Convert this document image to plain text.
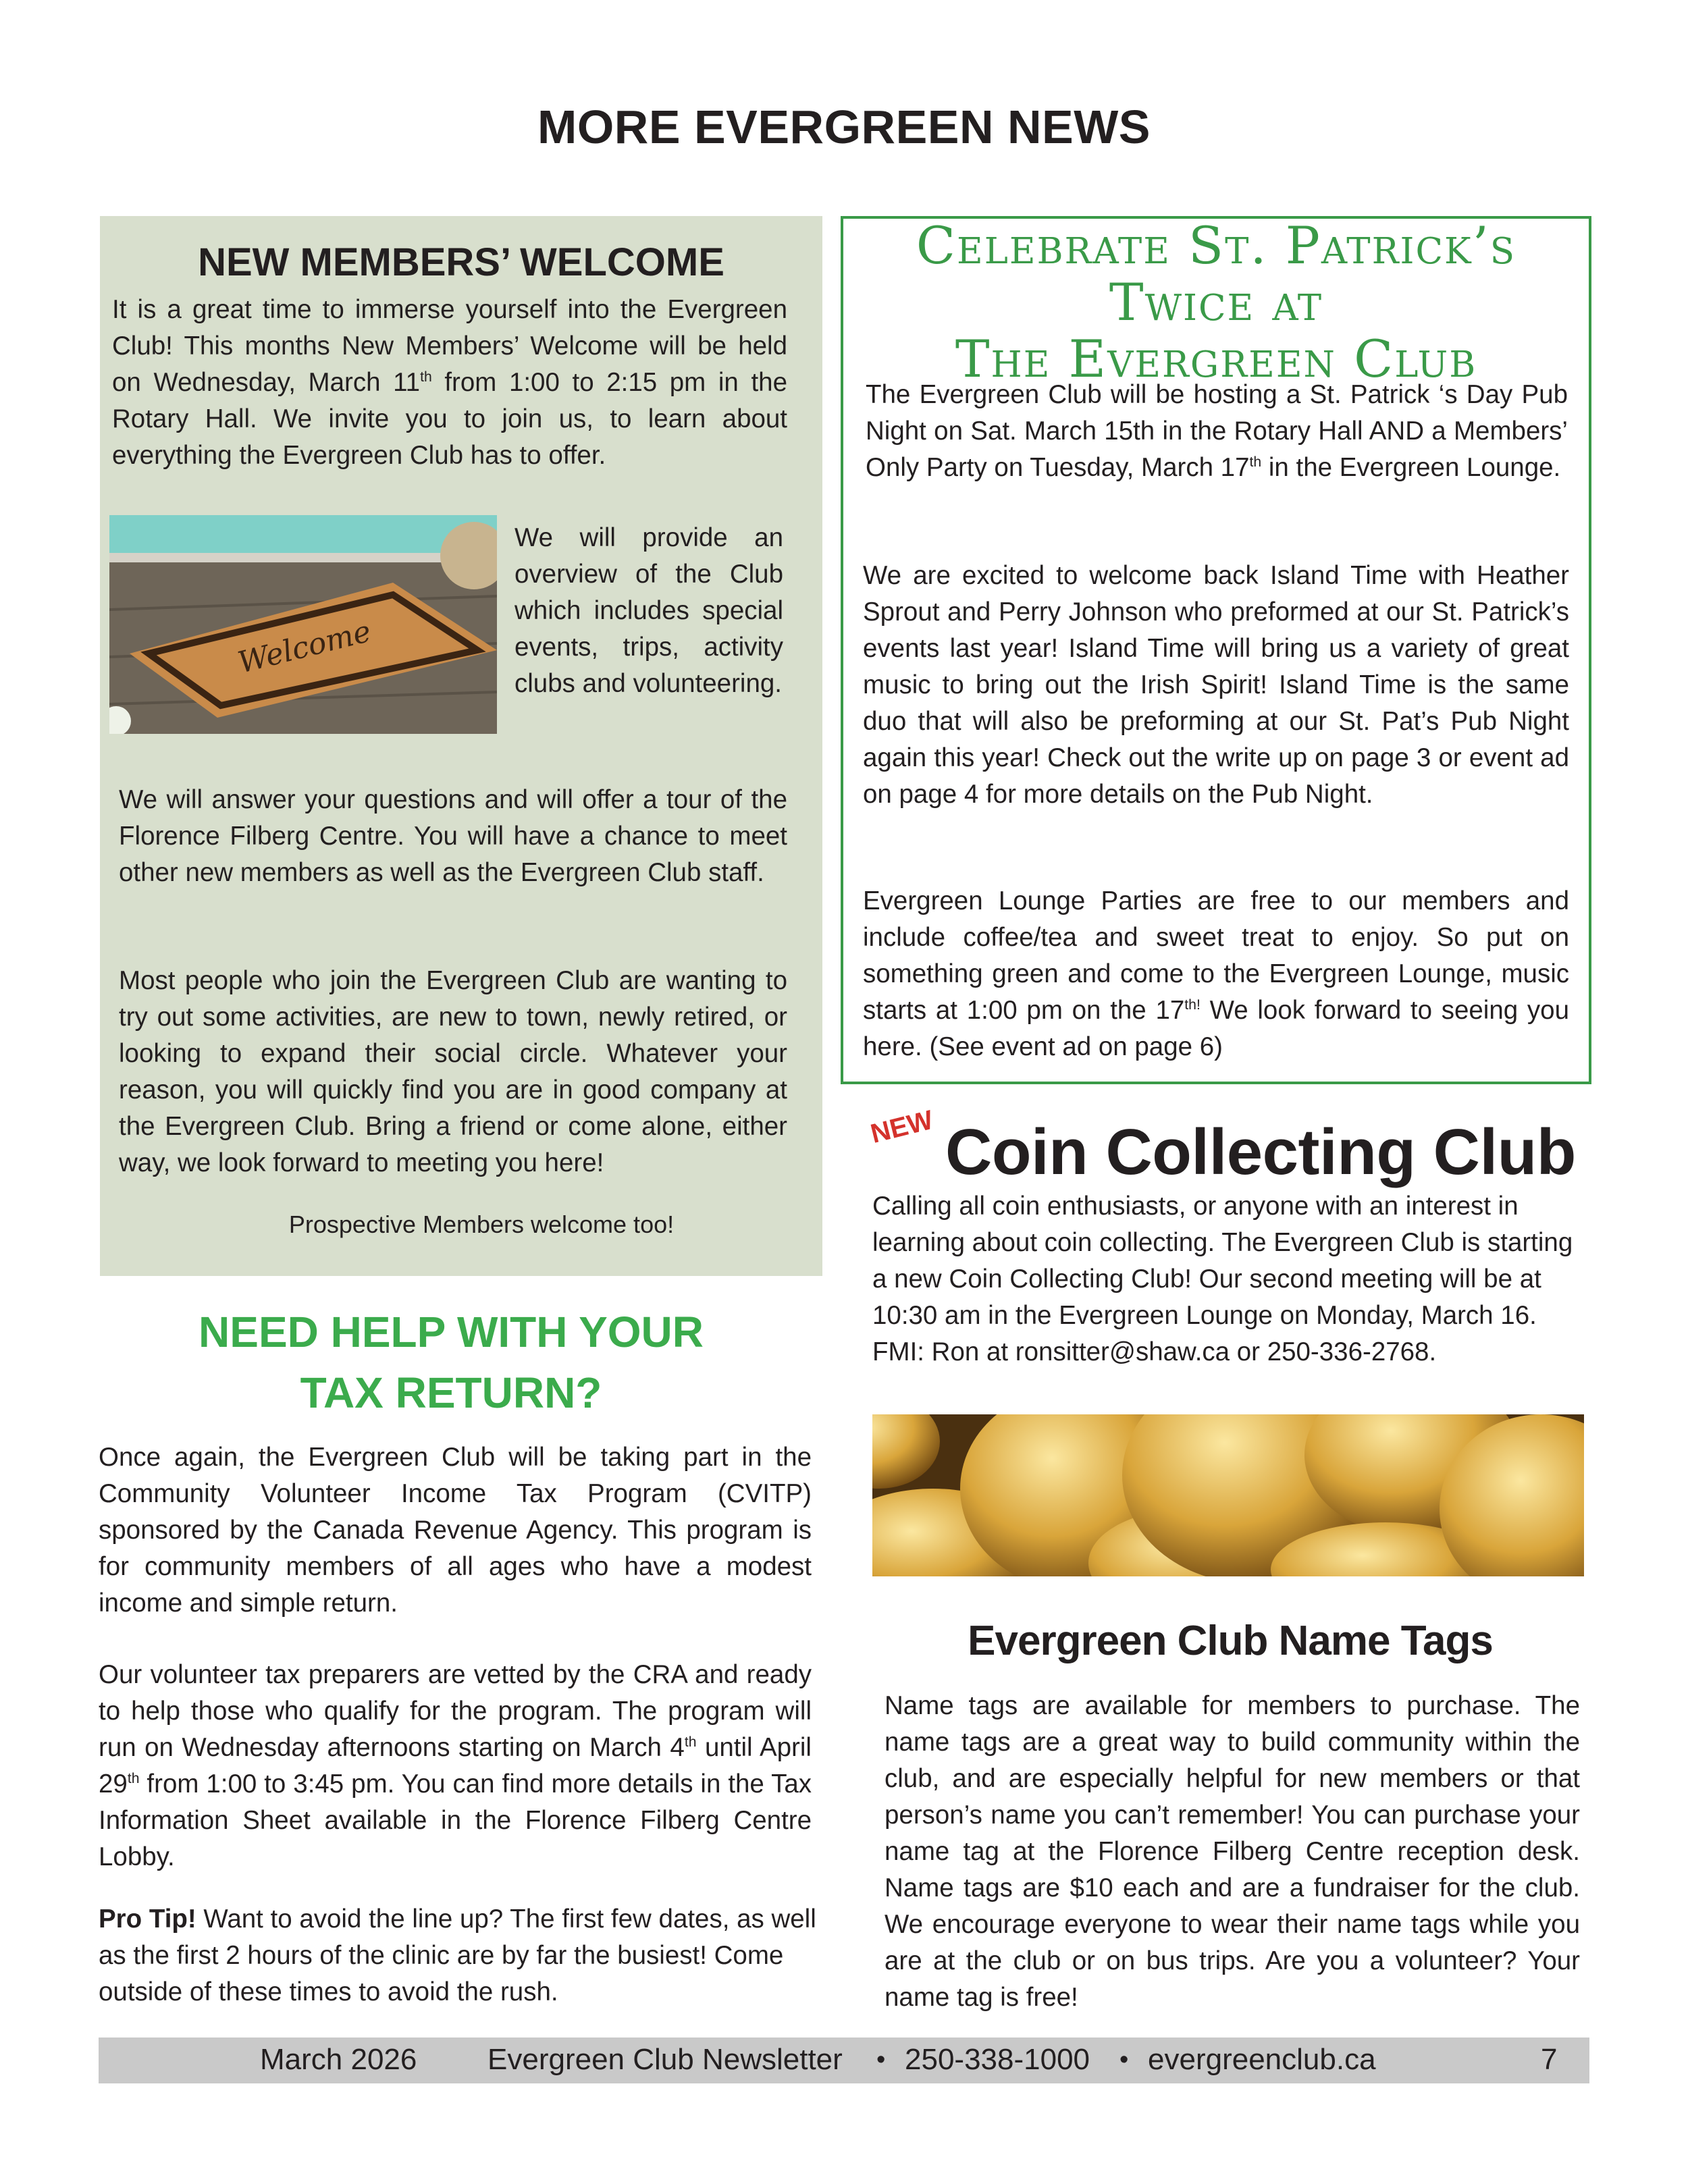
MORE EVERGREEN NEWS
NEW MEMBERS’ WELCOME
It is a great time to immerse yourself into the Evergreen Club! This months New Members’ Welcome will be held on Wednesday, March 11th from 1:00 to 2:15 pm in the Rotary Hall. We invite you to join us, to learn about everything the Evergreen Club has to offer.
Welcome
We will provide an overview of the Club which includes special events, trips, activity clubs and volunteering.
We will answer your questions and will offer a tour of the Florence Filberg Centre. You will have a chance to meet other new members as well as the Evergreen Club staff.
Most people who join the Evergreen Club are wanting to try out some activities, are new to town, newly retired, or looking to expand their social circle. Whatever your reason, you will quickly find you are in good company at the Evergreen Club. Bring a friend or come alone, either way, we look forward to meeting you here!
Prospective Members welcome too!
NEED HELP WITH YOUR
TAX RETURN?
Once again, the Evergreen Club will be taking part in the Community Volunteer Income Tax Program (CVITP) sponsored by the Canada Revenue Agency. This program is for community members of all ages who have a modest income and simple return.
Our volunteer tax preparers are vetted by the CRA and ready to help those who qualify for the program. The program will run on Wednesday afternoons starting on March 4th until April 29th from 1:00 to 3:45 pm. You can find more details in the Tax Information Sheet available in the Florence Filberg Centre Lobby.
Pro Tip! Want to avoid the line up? The first few dates, as well as the first 2 hours of the clinic are by far the busiest! Come outside of these times to avoid the rush.
Celebrate St. Patrick’s
Twice at
The Evergreen Club
The Evergreen Club will be hosting a St. Patrick ‘s Day Pub Night on Sat. March 15th in the Rotary Hall AND a Members’ Only Party on Tuesday, March 17th in the Evergreen Lounge.
We are excited to welcome back Island Time with Heather Sprout and Perry Johnson who preformed at our St. Patrick’s events last year! Island Time will bring us a variety of great music to bring out the Irish Spirit! Island Time is the same duo that will also be preforming at our St. Pat’s Pub Night again this year! Check out the write up on page 3 or event ad on page 4 for more details on the Pub Night.
Evergreen Lounge Parties are free to our members and include coffee/tea and sweet treat to enjoy. So put on something green and come to the Evergreen Lounge, music starts at 1:00 pm on the $17^{th!}$ We look forward to seeing you here. (See event ad on page 6)
NEW Coin Collecting Club
Calling all coin enthusiasts, or anyone with an interest in learning about coin collecting. The Evergreen Club is starting a new Coin Collecting Club! Our second meeting will be at 10:30 am in the Evergreen Lounge on Monday, March 16. FMI: Ron at ronsitter@shaw.ca or 250-336-2768.
Evergreen Club Name Tags
Name tags are available for members to purchase. The name tags are a great way to build community within the club, and are especially helpful for new members or that person’s name you can’t remember! You can purchase your name tag at the Florence Filberg Centre reception desk. Name tags are $10 each and are a fundraiser for the club. We encourage everyone to wear their name tags while you are at the club or on bus trips. Are you a volunteer? Your name tag is free!
March 2026 Evergreen Club Newsletter • 250-338-1000 • evergreenclub.ca	7
